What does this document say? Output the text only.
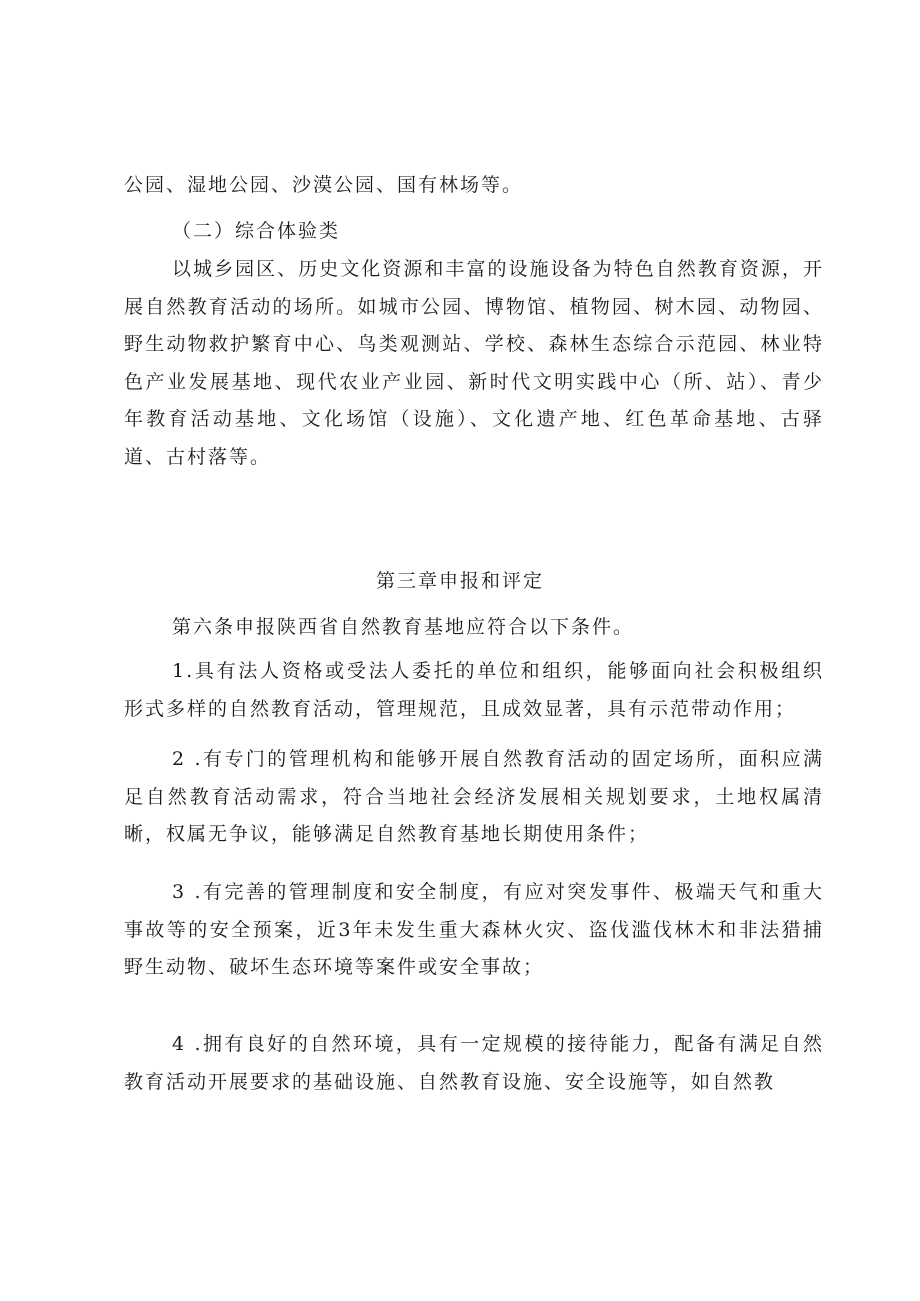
公园、湿地公园、沙漠公园、国有林场等。

（二）综合体验类

以城乡园区、历史文化资源和丰富的设施设备为特色自然教育资源，开展自然教育活动的场所。如城市公园、博物馆、植物园、树木园、动物园、野生动物救护繁育中心、鸟类观测站、学校、森林生态综合示范园、林业特色产业发展基地、现代农业产业园、新时代文明实践中心（所、站）、青少年教育活动基地、文化场馆（设施）、文化遗产地、红色革命基地、古驿道、古村落等。

第三章申报和评定

第六条申报陕西省自然教育基地应符合以下条件。

1.具有法人资格或受法人委托的单位和组织，能够面向社会积极组织形式多样的自然教育活动，管理规范，且成效显著，具有示范带动作用；

2 .有专门的管理机构和能够开展自然教育活动的固定场所，面积应满足自然教育活动需求，符合当地社会经济发展相关规划要求，土地权属清晰，权属无争议，能够满足自然教育基地长期使用条件；

3 .有完善的管理制度和安全制度，有应对突发事件、极端天气和重大事故等的安全预案，近3年未发生重大森林火灾、盗伐滥伐林木和非法猎捕野生动物、破坏生态环境等案件或安全事故；

4 .拥有良好的自然环境，具有一定规模的接待能力，配备有满足自然教育活动开展要求的基础设施、自然教育设施、安全设施等，如自然教
